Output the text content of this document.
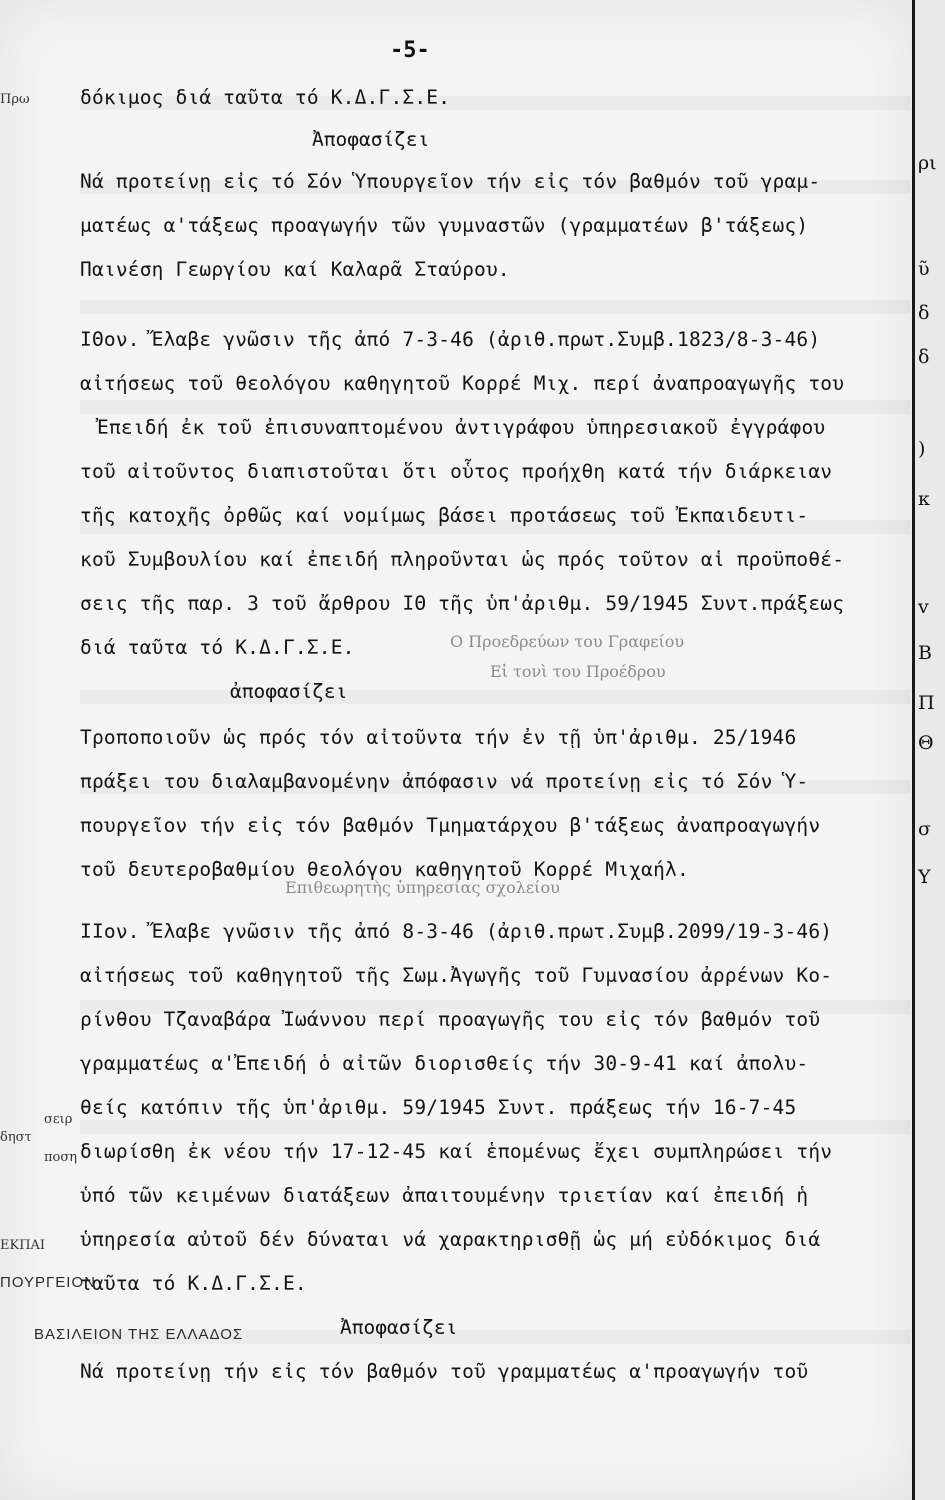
-5-
δόκιμος διά ταῦτα τό Κ.Δ.Γ.Σ.Ε.
Νά προτείνῃ εἰς τό Σόν Ὑπουργεῖον τήν εἰς τόν βαθμόν τοῦ γραμ-
ματέως α'τάξεως προαγωγήν τῶν γυμναστῶν (γραμματέων β'τάξεως)
Παινέση Γεωργίου καί Καλαρᾶ Σταύρου.
ΙΘον. Ἔλαβε γνῶσιν τῆς ἀπό 7-3-46 (ἀριθ.πρωτ.Συμβ.1823/8-3-46)
αἰτήσεως τοῦ θεολόγου καθηγητοῦ Κορρέ Μιχ. περί ἀναπροαγωγῆς του
Ἐπειδή ἐκ τοῦ ἐπισυναπτομένου ἀντιγράφου ὑπηρεσιακοῦ ἐγγράφου
τοῦ αἰτοῦντος διαπιστοῦται ὅτι οὗτος προήχθη κατά τήν διάρκειαν
τῆς κατοχῆς ὀρθῶς καί νομίμως βάσει προτάσεως τοῦ Ἐκπαιδευτι-
κοῦ Συμβουλίου καί ἐπειδή πληροῦνται ὡς πρός τοῦτον αἱ προϋποθέ-
σεις τῆς παρ. 3 τοῦ ἄρθρου ΙΘ τῆς ὑπ'ἀριθμ. 59/1945 Συντ.πράξεως
διά ταῦτα τό Κ.Δ.Γ.Σ.Ε.
Τροποποιοῦν ὡς πρός τόν αἰτοῦντα τήν ἐν τῇ ὑπ'ἀριθμ. 25/1946
πράξει του διαλαμβανομένην ἀπόφασιν νά προτείνῃ εἰς τό Σόν Ὑ-
πουργεῖον τήν εἰς τόν βαθμόν Τμηματάρχου β'τάξεως ἀναπροαγωγήν
τοῦ δευτεροβαθμίου θεολόγου καθηγητοῦ Κορρέ Μιχαήλ.
ΙΙον. Ἔλαβε γνῶσιν τῆς ἀπό 8-3-46 (ἀριθ.πρωτ.Συμβ.2099/19-3-46)
αἰτήσεως τοῦ καθηγητοῦ τῆς Σωμ.Ἀγωγῆς τοῦ Γυμνασίου ἀρρένων Κο-
ρίνθου Τζαναβάρα Ἰωάννου περί προαγωγῆς του εἰς τόν βαθμόν τοῦ
γραμματέως α'Ἐπειδή ὁ αἰτῶν διορισθείς τήν 30-9-41 καί ἀπολυ-
θείς κατόπιν τῆς ὑπ'ἀριθμ. 59/1945 Συντ. πράξεως τήν 16-7-45
διωρίσθη ἐκ νέου τήν 17-12-45 καί ἑπομένως ἔχει συμπληρώσει τήν
ὑπό τῶν κειμένων διατάξεων ἀπαιτουμένην τριετίαν καί ἐπειδή ἡ
ὑπηρεσία αὐτοῦ δέν δύναται νά χαρακτηρισθῇ ὡς μή εὐδόκιμος διά
ταῦτα τό Κ.Δ.Γ.Σ.Ε.
Νά προτείνῃ τήν εἰς τόν βαθμόν τοῦ γραμματέως α'προαγωγήν τοῦ
Ἀποφασίζει
ἀποφασίζει
Ἀποφασίζει
Ο Προεδρεύων του Γραφείου
Εἰ τονὶ του Προέδρου
Επιθεωρητὴς ὑπηρεσίας σχολείου
Πρω
σειρ
δηστ
ποση
ΕΚΠΑΙ
ΠΟΥΡΓΕΙΟΝ
ΒΑΣΙΛΕΙΟΝ ΤΗΣ ΕΛΛΑΔΟΣ
ρι
ῦ
δ
δ
)
κ
v
Β
Π
Θ
σ
Υ
